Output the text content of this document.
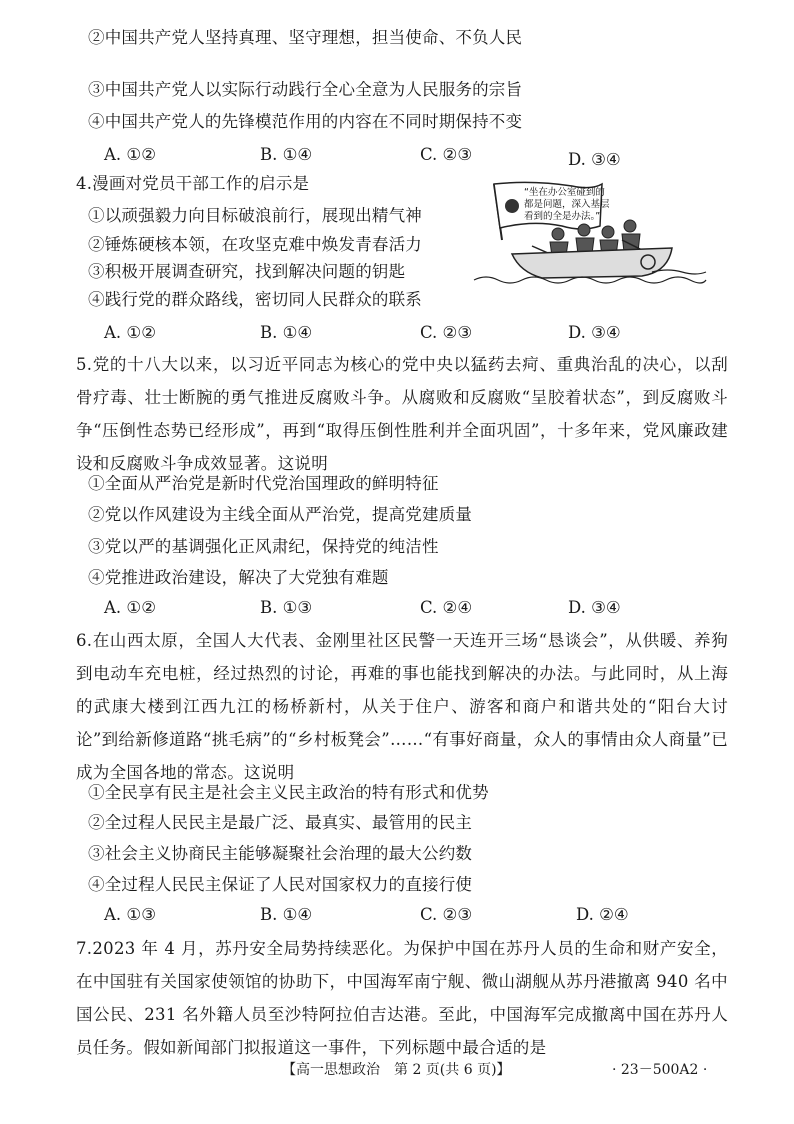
②中国共产党人坚持真理、坚守理想，担当使命、不负人民
③中国共产党人以实际行动践行全心全意为人民服务的宗旨
④中国共产党人的先锋模范作用的内容在不同时期保持不变
A. ①②	B. ①④	C. ②③	D. ③④
4.漫画对党员干部工作的启示是
①以顽强毅力向目标破浪前行，展现出精气神
②锤炼硬核本领，在攻坚克难中焕发青春活力
③积极开展调查研究，找到解决问题的钥匙
④践行党的群众路线，密切同人民群众的联系
A. ①②	B. ①④	C. ②③	D. ③④
“坐在办公室碰到的
都是问题，深入基层
看到的全是办法。”
5.党的十八大以来，以习近平同志为核心的党中央以猛药去疴、重典治乱的决心，以刮骨疗毒、壮士断腕的勇气推进反腐败斗争。从腐败和反腐败“呈胶着状态”，到反腐败斗争“压倒性态势已经形成”，再到“取得压倒性胜利并全面巩固”，十多年来，党风廉政建设和反腐败斗争成效显著。这说明
①全面从严治党是新时代党治国理政的鲜明特征
②党以作风建设为主线全面从严治党，提高党建质量
③党以严的基调强化正风肃纪，保持党的纯洁性
④党推进政治建设，解决了大党独有难题
A. ①②	B. ①③	C. ②④	D. ③④
6.在山西太原，全国人大代表、金刚里社区民警一天连开三场“恳谈会”，从供暖、养狗到电动车充电桩，经过热烈的讨论，再难的事也能找到解决的办法。与此同时，从上海的武康大楼到江西九江的杨桥新村，从关于住户、游客和商户和谐共处的“阳台大讨论”到给新修道路“挑毛病”的“乡村板凳会”……“有事好商量，众人的事情由众人商量”已成为全国各地的常态。这说明
①全民享有民主是社会主义民主政治的特有形式和优势
②全过程人民民主是最广泛、最真实、最管用的民主
③社会主义协商民主能够凝聚社会治理的最大公约数
④全过程人民民主保证了人民对国家权力的直接行使
A. ①③	B. ①④	C. ②③	D. ②④
7.2023 年 4 月，苏丹安全局势持续恶化。为保护中国在苏丹人员的生命和财产安全，在中国驻有关国家使领馆的协助下，中国海军南宁舰、微山湖舰从苏丹港撤离 940 名中国公民、231 名外籍人员至沙特阿拉伯吉达港。至此，中国海军完成撤离中国在苏丹人员任务。假如新闻部门拟报道这一事件，下列标题中最合适的是
【高一思想政治　第 2 页(共 6 页)】	· 23－500A2 ·
